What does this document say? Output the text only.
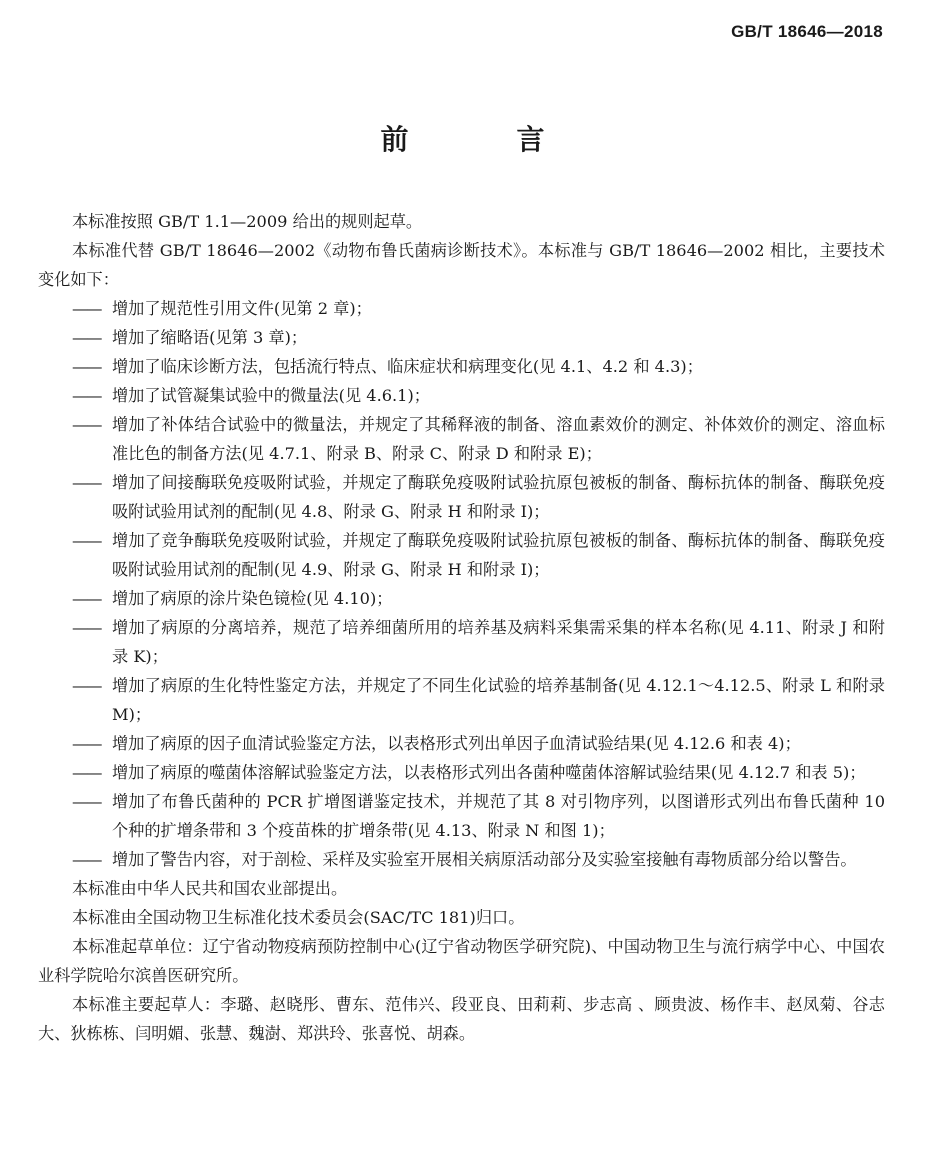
GB/T 18646—2018
前　言

本标准按照 GB/T 1.1—2009 给出的规则起草。

本标准代替 GB/T 18646—2002《动物布鲁氏菌病诊断技术》。本标准与 GB/T 18646—2002 相比，主要技术变化如下：

—— 增加了规范性引用文件(见第 2 章)；

—— 增加了缩略语(见第 3 章)；

—— 增加了临床诊断方法，包括流行特点、临床症状和病理变化(见 4.1、4.2 和 4.3)；

—— 增加了试管凝集试验中的微量法(见 4.6.1)；

—— 增加了补体结合试验中的微量法，并规定了其稀释液的制备、溶血素效价的测定、补体效价的测定、溶血标准比色的制备方法(见 4.7.1、附录 B、附录 C、附录 D 和附录 E)；

—— 增加了间接酶联免疫吸附试验，并规定了酶联免疫吸附试验抗原包被板的制备、酶标抗体的制备、酶联免疫吸附试验用试剂的配制(见 4.8、附录 G、附录 H 和附录 I)；

—— 增加了竞争酶联免疫吸附试验，并规定了酶联免疫吸附试验抗原包被板的制备、酶标抗体的制备、酶联免疫吸附试验用试剂的配制(见 4.9、附录 G、附录 H 和附录 I)；

—— 增加了病原的涂片染色镜检(见 4.10)；

—— 增加了病原的分离培养，规范了培养细菌所用的培养基及病料采集需采集的样本名称(见 4.11、附录 J 和附录 K)；

—— 增加了病原的生化特性鉴定方法，并规定了不同生化试验的培养基制备(见 4.12.1～4.12.5、附录 L 和附录 M)；

—— 增加了病原的因子血清试验鉴定方法，以表格形式列出单因子血清试验结果(见 4.12.6 和表 4)；

—— 增加了病原的噬菌体溶解试验鉴定方法，以表格形式列出各菌种噬菌体溶解试验结果(见 4.12.7 和表 5)；

—— 增加了布鲁氏菌种的 PCR 扩增图谱鉴定技术，并规范了其 8 对引物序列，以图谱形式列出布鲁氏菌种 10 个种的扩增条带和 3 个疫苗株的扩增条带(见 4.13、附录 N 和图 1)；

—— 增加了警告内容，对于剖检、采样及实验室开展相关病原活动部分及实验室接触有毒物质部分给以警告。

本标准由中华人民共和国农业部提出。

本标准由全国动物卫生标准化技术委员会(SAC/TC 181)归口。

本标准起草单位：辽宁省动物疫病预防控制中心(辽宁省动物医学研究院)、中国动物卫生与流行病学中心、中国农业科学院哈尔滨兽医研究所。

本标准主要起草人：李璐、赵晓彤、曹东、范伟兴、段亚良、田莉莉、步志高 、顾贵波、杨作丰、赵凤菊、谷志大、狄栋栋、闫明媚、张慧、魏澍、郑洪玲、张喜悦、胡森。
